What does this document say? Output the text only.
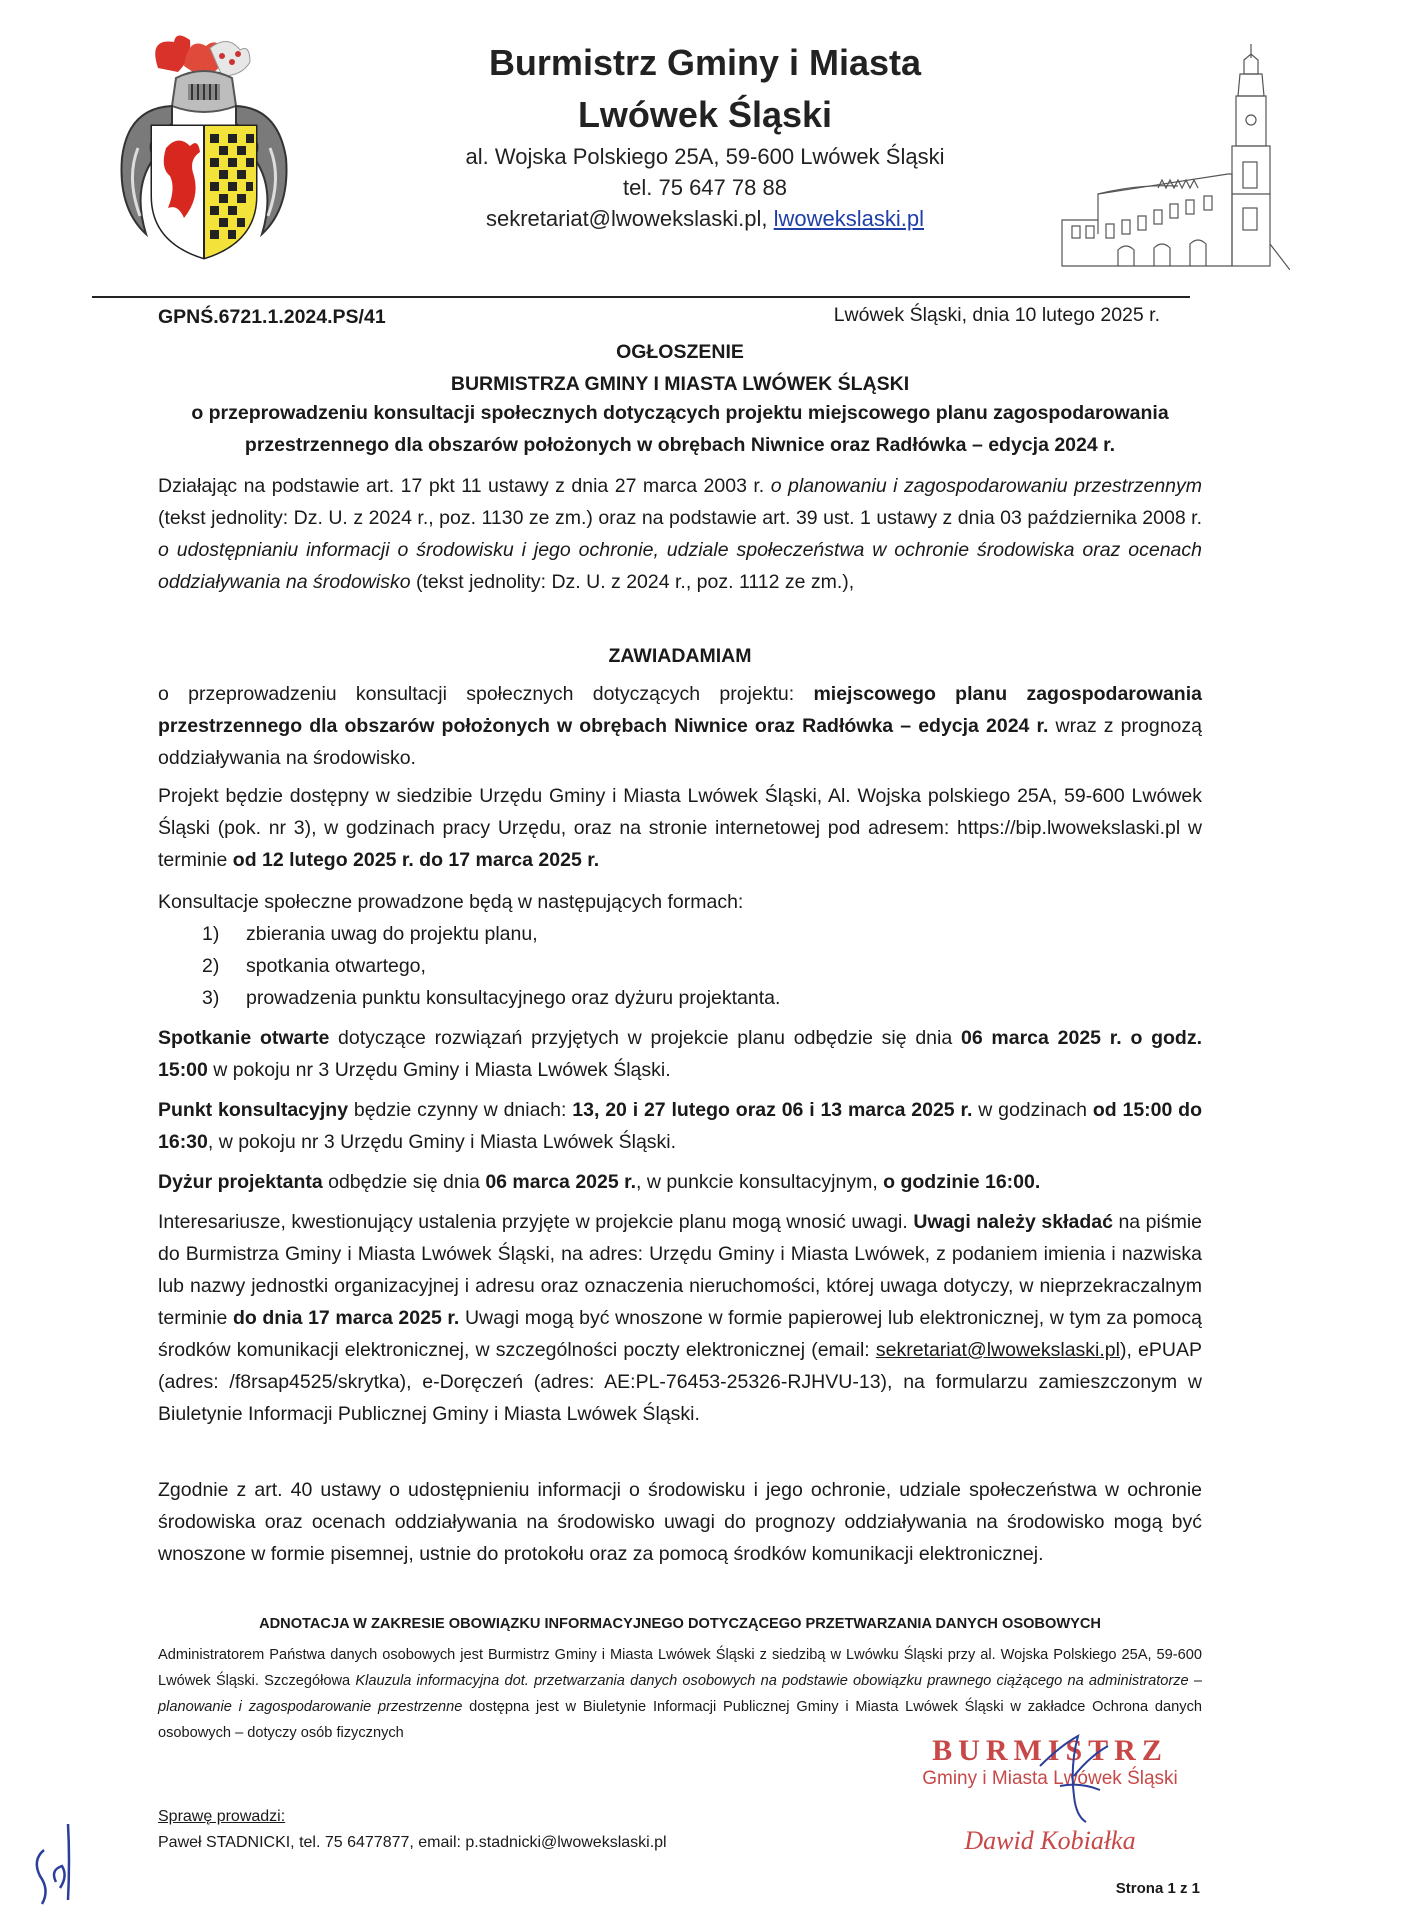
Burmistrz Gminy i Miasta
Lwówek Śląski
al. Wojska Polskiego 25A, 59-600 Lwówek Śląski
tel. 75 647 78 88
sekretariat@lwowekslaski.pl, lwowekslaski.pl
GPNŚ.6721.1.2024.PS/41	Lwówek Śląski, dnia 10 lutego 2025 r.
OGŁOSZENIE
BURMISTRZA GMINY I MIASTA LWÓWEK ŚLĄSKI
o przeprowadzeniu konsultacji społecznych dotyczących projektu miejscowego planu zagospodarowania
przestrzennego dla obszarów położonych w obrębach Niwnice oraz Radłówka – edycja 2024 r.

Działając na podstawie art. 17 pkt 11 ustawy z dnia 27 marca 2003 r. o planowaniu i zagospodarowaniu przestrzennym (tekst jednolity: Dz. U. z 2024 r., poz. 1130 ze zm.) oraz na podstawie art. 39 ust. 1 ustawy z dnia 03 października 2008 r. o udostępnianiu informacji o środowisku i jego ochronie, udziale społeczeństwa w ochronie środowiska oraz ocenach oddziaływania na środowisko (tekst jednolity: Dz. U. z 2024 r., poz. 1112 ze zm.),

ZAWIADAMIAM

o przeprowadzeniu konsultacji społecznych dotyczących projektu: miejscowego planu zagospodarowania przestrzennego dla obszarów położonych w obrębach Niwnice oraz Radłówka – edycja 2024 r. wraz z prognozą oddziaływania na środowisko.

Projekt będzie dostępny w siedzibie Urzędu Gminy i Miasta Lwówek Śląski, Al. Wojska polskiego 25A, 59-600 Lwówek Śląski (pok. nr 3), w godzinach pracy Urzędu, oraz na stronie internetowej pod adresem: https://bip.lwowekslaski.pl w terminie od 12 lutego 2025 r. do 17 marca 2025 r.

Konsultacje społeczne prowadzone będą w następujących formach:
1)	zbierania uwag do projektu planu,
2)	spotkania otwartego,
3)	prowadzenia punktu konsultacyjnego oraz dyżuru projektanta.

Spotkanie otwarte dotyczące rozwiązań przyjętych w projekcie planu odbędzie się dnia 06 marca 2025 r. o godz. 15:00 w pokoju nr 3 Urzędu Gminy i Miasta Lwówek Śląski.

Punkt konsultacyjny będzie czynny w dniach: 13, 20 i 27 lutego oraz 06 i 13 marca 2025 r. w godzinach od 15:00 do 16:30, w pokoju nr 3 Urzędu Gminy i Miasta Lwówek Śląski.

Dyżur projektanta odbędzie się dnia 06 marca 2025 r., w punkcie konsultacyjnym, o godzinie 16:00.

Interesariusze, kwestionujący ustalenia przyjęte w projekcie planu mogą wnosić uwagi. Uwagi należy składać na piśmie do Burmistrza Gminy i Miasta Lwówek Śląski, na adres: Urzędu Gminy i Miasta Lwówek, z podaniem imienia i nazwiska lub nazwy jednostki organizacyjnej i adresu oraz oznaczenia nieruchomości, której uwaga dotyczy, w nieprzekraczalnym terminie do dnia 17 marca 2025 r. Uwagi mogą być wnoszone w formie papierowej lub elektronicznej, w tym za pomocą środków komunikacji elektronicznej, w szczególności poczty elektronicznej (email: sekretariat@lwowekslaski.pl), ePUAP (adres: /f8rsap4525/skrytka), e-Doręczeń (adres: AE:PL-76453-25326-RJHVU-13), na formularzu zamieszczonym w Biuletynie Informacji Publicznej Gminy i Miasta Lwówek Śląski.

Zgodnie z art. 40 ustawy o udostępnieniu informacji o środowisku i jego ochronie, udziale społeczeństwa w ochronie środowiska oraz ocenach oddziaływania na środowisko uwagi do prognozy oddziaływania na środowisko mogą być wnoszone w formie pisemnej, ustnie do protokołu oraz za pomocą środków komunikacji elektronicznej.
ADNOTACJA W ZAKRESIE OBOWIĄZKU INFORMACYJNEGO DOTYCZĄCEGO PRZETWARZANIA DANYCH OSOBOWYCH

Administratorem Państwa danych osobowych jest Burmistrz Gminy i Miasta Lwówek Śląski z siedzibą w Lwówku Śląski przy al. Wojska Polskiego 25A, 59-600 Lwówek Śląski. Szczegółowa Klauzula informacyjna dot. przetwarzania danych osobowych na podstawie obowiązku prawnego ciążącego na administratorze – planowanie i zagospodarowanie przestrzenne dostępna jest w Biuletynie Informacji Publicznej Gminy i Miasta Lwówek Śląski w zakładce Ochrona danych osobowych – dotyczy osób fizycznych

BURMISTRZ
Gminy i Miasta Lwówek Śląski
Dawid Kobiałka
Sprawę prowadzi:
Paweł STADNICKI, tel. 75 6477877, email: p.stadnicki@lwowekslaski.pl
Strona 1 z 1
